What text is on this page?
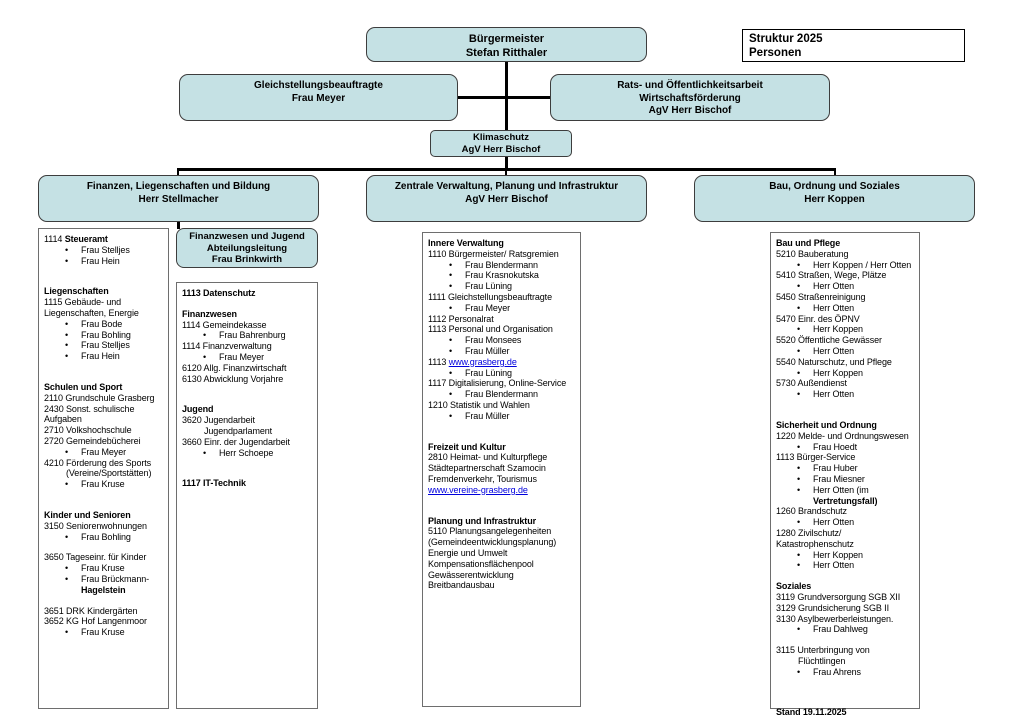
Bürgermeister
Stefan Ritthaler
Struktur 2025
Personen
Gleichstellungsbeauftragte
Frau Meyer
Rats- und Öffentlichkeitsarbeit
Wirtschaftsförderung
AgV Herr Bischof
Klimaschutz
AgV Herr Bischof
Finanzen, Liegenschaften und Bildung
Herr Stellmacher
Zentrale Verwaltung, Planung und Infrastruktur
AgV Herr Bischof
Bau, Ordnung und Soziales
Herr Koppen
Finanzwesen und Jugend
Abteilungsleitung
Frau Brinkwirth
1114 Steueramt
• Frau Stelljes
• Frau Hein
Liegenschaften
1115 Gebäude- und
Liegenschaften, Energie
• Frau Bode
• Frau Bohling
• Frau Stelljes
• Frau Hein
Schulen und Sport
2110 Grundschule Grasberg
2430 Sonst. schulische
Aufgaben
2710 Volkshochschule
2720 Gemeindebücherei
• Frau Meyer
4210 Förderung des Sports
(Vereine/Sportstätten)
• Frau Kruse
Kinder und Senioren
3150 Seniorenwohnungen
• Frau Bohling
3650 Tageseinr. für Kinder
• Frau Kruse
• Frau Brückmann-
Hagelstein
3651 DRK Kindergärten
3652 KG Hof Langenmoor
• Frau Kruse
1113 Datenschutz
Finanzwesen
1114 Gemeindekasse
• Frau Bahrenburg
1114 Finanzverwaltung
• Frau Meyer
6120 Allg. Finanzwirtschaft
6130 Abwicklung Vorjahre
Jugend
3620 Jugendarbeit
Jugendparlament
3660 Einr. der Jugendarbeit
• Herr Schoepe
1117 IT-Technik
Innere Verwaltung
1110 Bürgermeister/ Ratsgremien
• Frau Blendermann
• Frau Krasnokutska
• Frau Lüning
1111 Gleichstellungsbeauftragte
• Frau Meyer
1112 Personalrat
1113 Personal und Organisation
• Frau Monsees
• Frau Müller
1113 www.grasberg.de
• Frau Lüning
1117 Digitalisierung, Online-Service
• Frau Blendermann
1210 Statistik und Wahlen
• Frau Müller
Freizeit und Kultur
2810 Heimat- und Kulturpflege
Städtepartnerschaft Szamocin
Fremdenverkehr, Tourismus
www.vereine-grasberg.de
Planung und Infrastruktur
5110 Planungsangelegenheiten
(Gemeindeentwicklungsplanung)
Energie und Umwelt
Kompensationsflächenpool
Gewässerentwicklung
Breitbandausbau
Bau und Pflege
5210 Bauberatung
• Herr Koppen / Herr Otten
5410 Straßen, Wege, Plätze
• Herr Otten
5450 Straßenreinigung
• Herr Otten
5470 Einr. des ÖPNV
• Herr Koppen
5520 Öffentliche Gewässer
• Herr Otten
5540 Naturschutz, und Pflege
• Herr Koppen
5730 Außendienst
• Herr Otten
Sicherheit und Ordnung
1220 Melde- und Ordnungswesen
• Frau Hoedt
1113 Bürger-Service
• Frau Huber
• Frau Miesner
• Herr Otten (im
Vertretungsfall)
1260 Brandschutz
• Herr Otten
1280 Zivilschutz/
Katastrophenschutz
• Herr Koppen
• Herr Otten
Soziales
3119 Grundversorgung SGB XII
3129 Grundsicherung SGB II
3130 Asylbewerberleistungen.
• Frau Dahlweg
3115 Unterbringung von
Flüchtlingen
• Frau Ahrens
Stand 19.11.2025
